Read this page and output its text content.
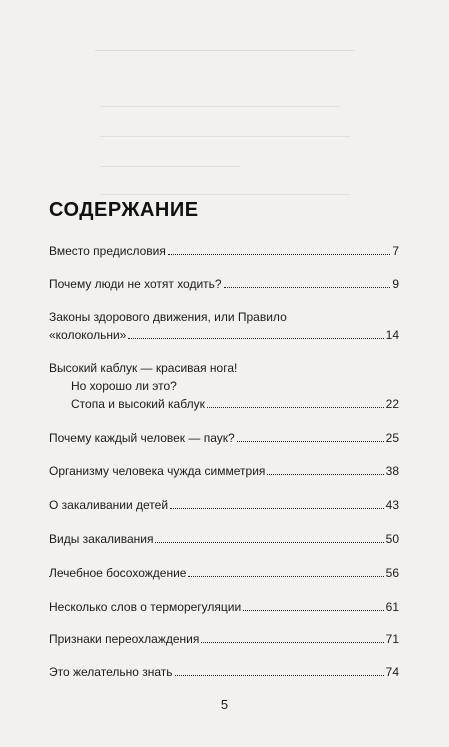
СОДЕРЖАНИЕ
Вместо предисловия	7
Почему люди не хотят ходить?	9
Законы здорового движения, или Правило
«колокольни»	14
Высокий каблук — красивая нога!
Но хорошо ли это?
Стопа и высокий каблук	22
Почему каждый человек — паук?	25
Организму человека чужда симметрия	38
О закаливании детей	43
Виды закаливания	50
Лечебное босохождение	56
Несколько слов о терморегуляции	61
Признаки переохлаждения	71
Это желательно знать	74
5
